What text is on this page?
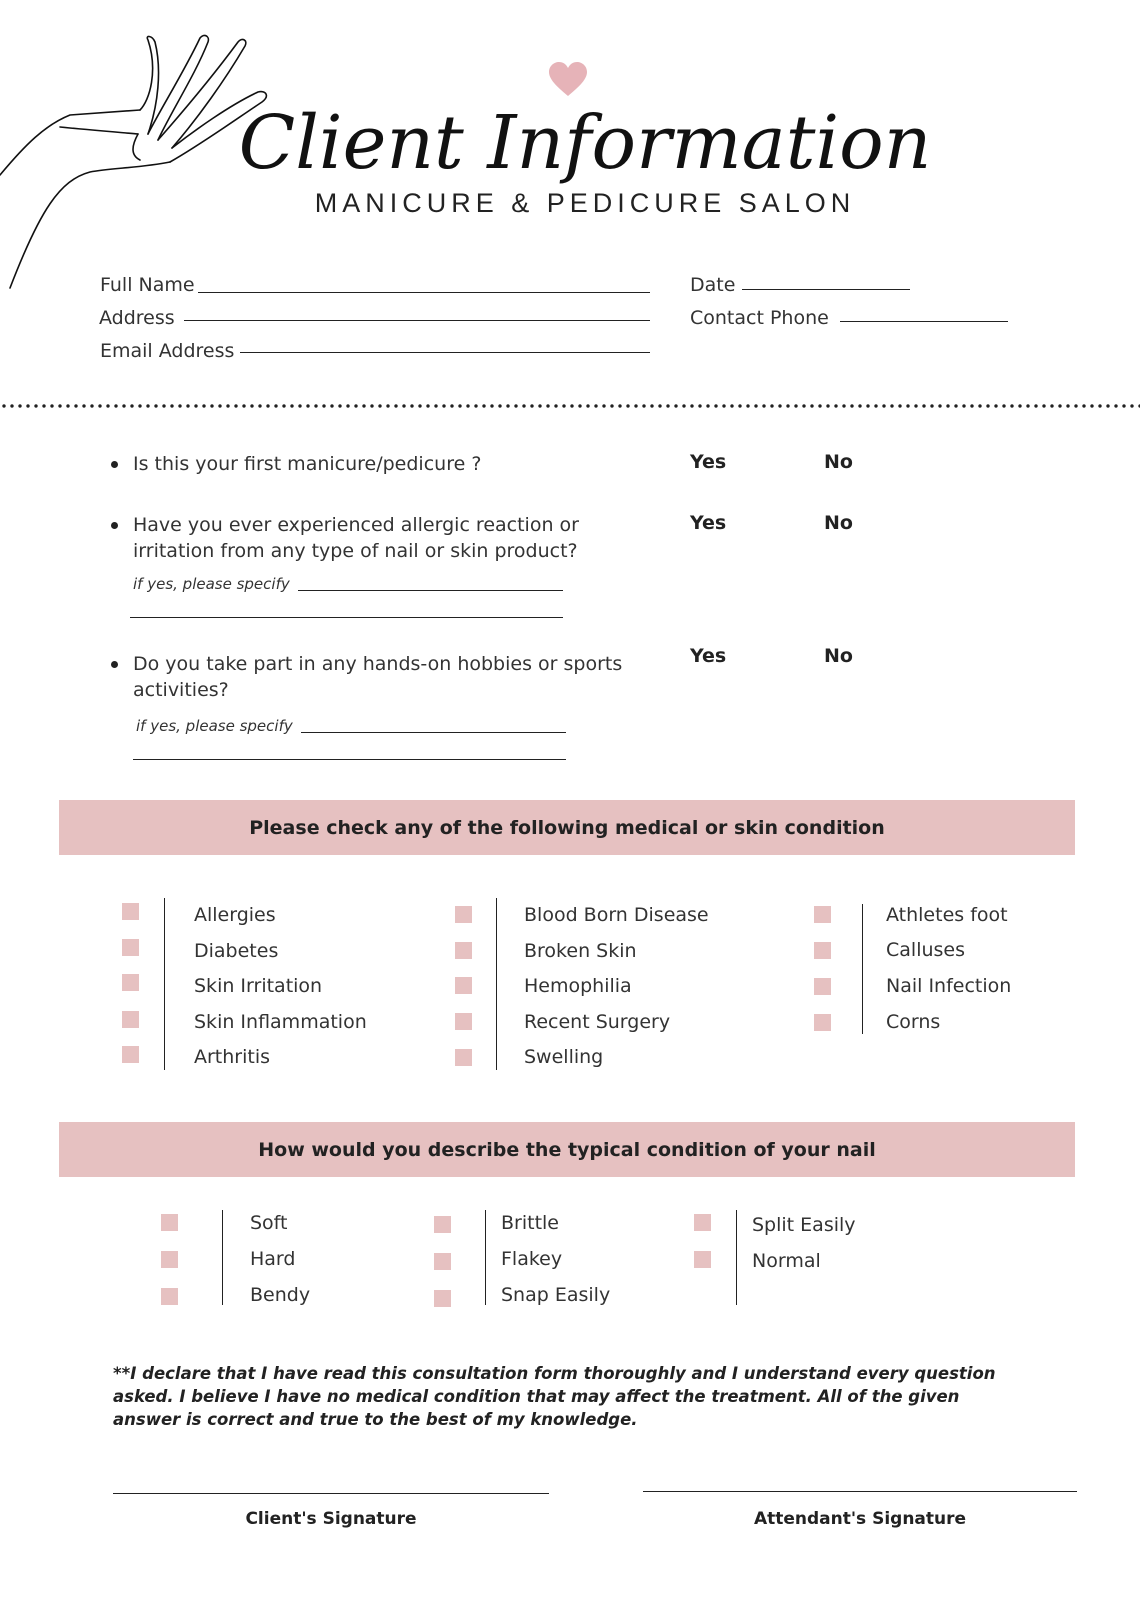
Client Information
MANICURE & PEDICURE SALON
Full Name
Address
Email Address
Date
Contact Phone
Is this your first manicure/pedicure ?	Yes	No
Have you ever experienced allergic reaction or
irritation from any type of nail or skin product?
Yes	No
if yes, please specify
Do you take part in any hands-on hobbies or sports
activities?
Yes	No
if yes, please specify
Please check any of the following medical or skin condition
Allergies
Diabetes
Skin Irritation
Skin Inflammation
Arthritis
Blood Born Disease
Broken Skin
Hemophilia
Recent Surgery
Swelling
Athletes foot
Calluses
Nail Infection
Corns
How would you describe the typical condition of your nail
Soft
Hard
Bendy
Brittle
Flakey
Snap Easily
Split Easily
Normal
**I declare that I have read this consultation form thoroughly and I understand every question asked. I believe I have no medical condition that may affect the treatment. All of the given answer is correct and true to the best of my knowledge.
Client's Signature	Attendant's Signature
